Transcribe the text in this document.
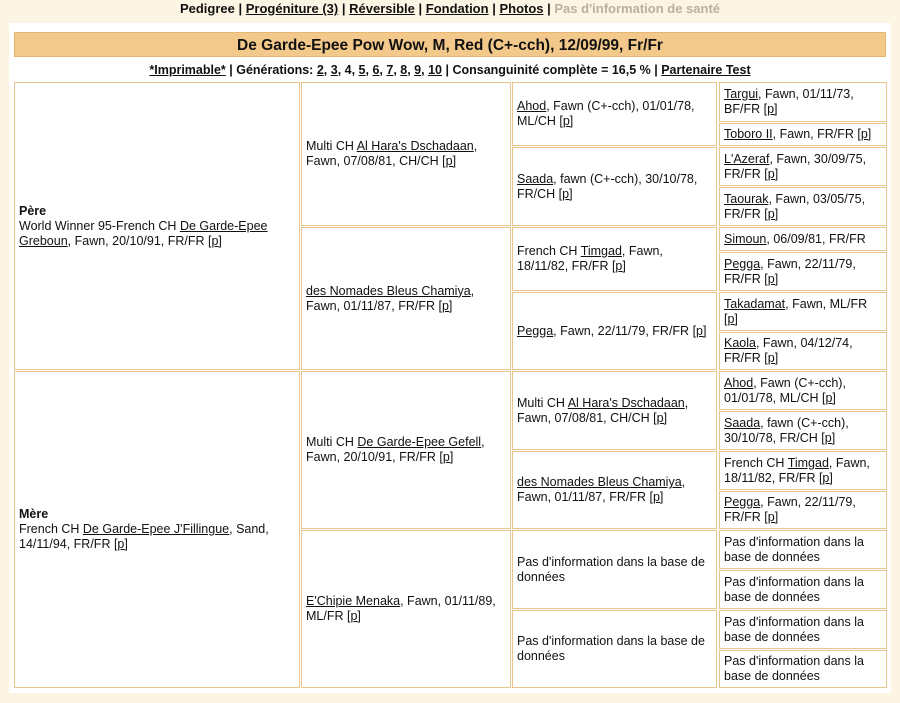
Pedigree | Progéniture (3) | Réversible | Fondation | Photos | Pas d'information de santé
De Garde-Epee Pow Wow, M, Red (C+-cch), 12/09/99, Fr/Fr
*Imprimable* | Générations: 2, 3, 4, 5, 6, 7, 8, 9, 10 | Consanguinité complète = 16,5 % | Partenaire Test
Père
World Winner 95-French CH De Garde-Epee Greboun, Fawn, 20/10/91, FR/FR [p]
Mère
French CH De Garde-Epee J'Fillingue, Sand, 14/11/94, FR/FR [p]
Multi CH Al Hara's Dschadaan, Fawn, 07/08/81, CH/CH [p]
des Nomades Bleus Chamiya, Fawn, 01/11/87, FR/FR [p]
Multi CH De Garde-Epee Gefell, Fawn, 20/10/91, FR/FR [p]
E'Chipie Menaka, Fawn, 01/11/89, ML/FR [p]
Ahod, Fawn (C+-cch), 01/01/78, ML/CH [p]
Saada, fawn (C+-cch), 30/10/78, FR/CH [p]
French CH Timgad, Fawn, 18/11/82, FR/FR [p]
Pegga, Fawn, 22/11/79, FR/FR [p]
Multi CH Al Hara's Dschadaan, Fawn, 07/08/81, CH/CH [p]
des Nomades Bleus Chamiya, Fawn, 01/11/87, FR/FR [p]
Pas d'information dans la base de données
Pas d'information dans la base de données
Targui, Fawn, 01/11/73, BF/FR [p]
Toboro II, Fawn, FR/FR [p]
L'Azeraf, Fawn, 30/09/75, FR/FR [p]
Taourak, Fawn, 03/05/75, FR/FR [p]
Simoun, 06/09/81, FR/FR
Pegga, Fawn, 22/11/79, FR/FR [p]
Takadamat, Fawn, ML/FR [p]
Kaola, Fawn, 04/12/74, FR/FR [p]
Ahod, Fawn (C+-cch), 01/01/78, ML/CH [p]
Saada, fawn (C+-cch), 30/10/78, FR/CH [p]
French CH Timgad, Fawn, 18/11/82, FR/FR [p]
Pegga, Fawn, 22/11/79, FR/FR [p]
Pas d'information dans la base de données
Pas d'information dans la base de données
Pas d'information dans la base de données
Pas d'information dans la base de données
